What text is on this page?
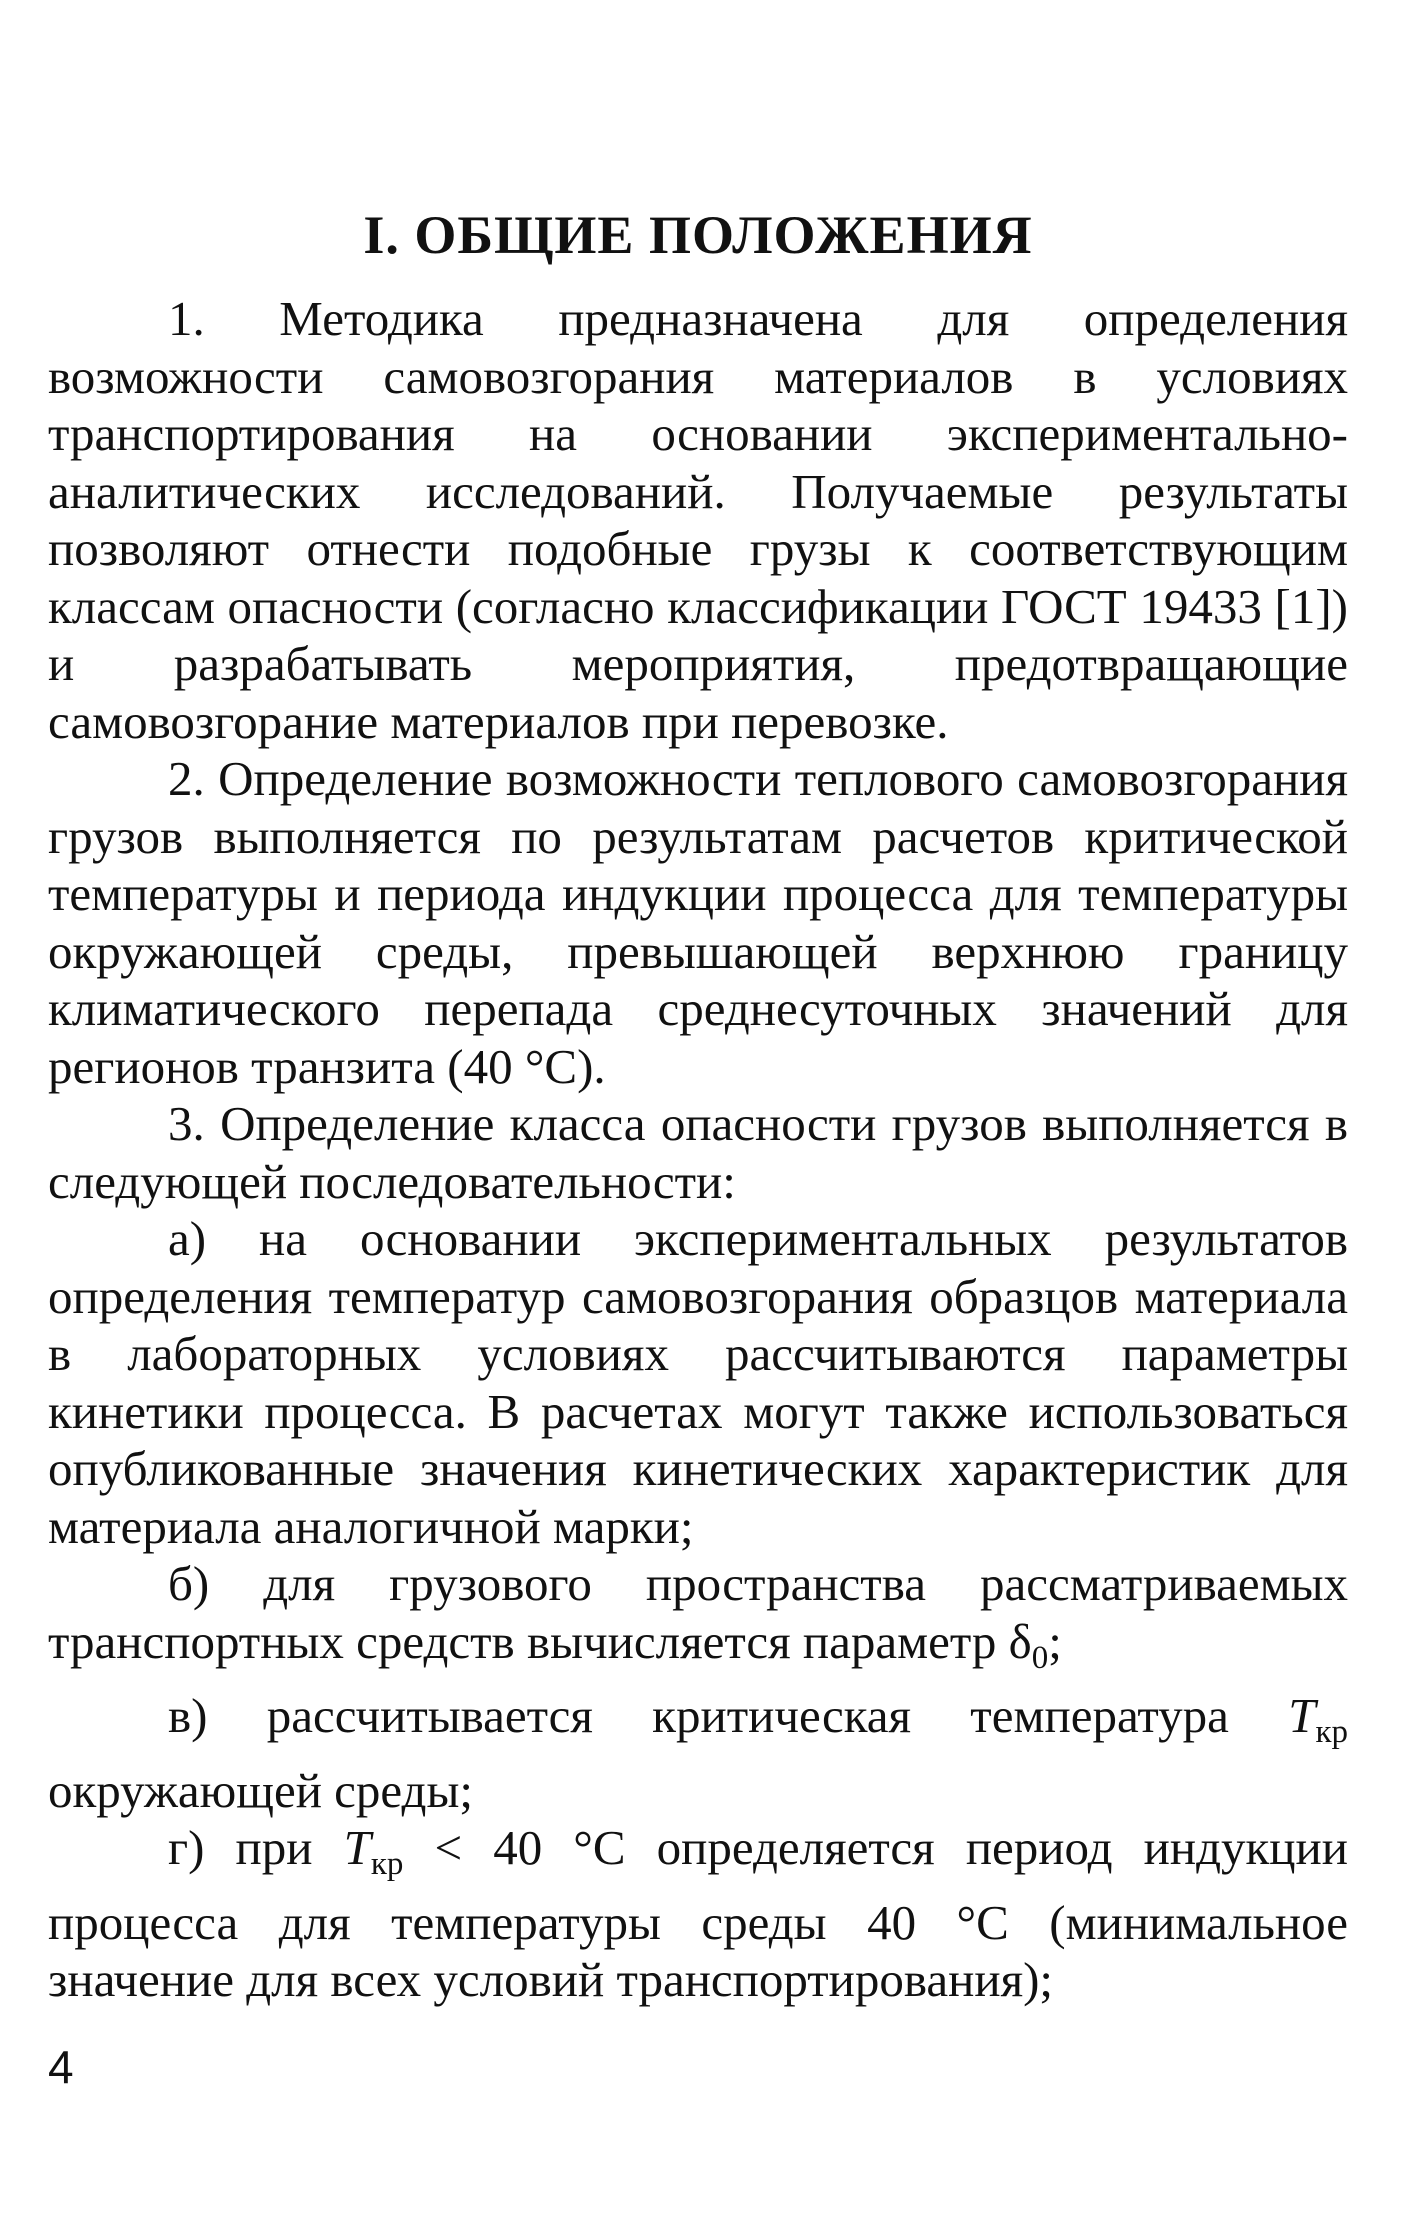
I. ОБЩИЕ ПОЛОЖЕНИЯ

1. Методика предназначена для определения возможности самовозгорания материалов в условиях транспортирования на основании экспериментально-аналитических исследований. Получаемые результаты позволяют отнести подобные грузы к соответствующим классам опасности (согласно классификации ГОСТ 19433 [1]) и разрабатывать мероприятия, предотвращающие самовозгорание материалов при перевозке.

2. Определение возможности теплового самовозгорания грузов выполняется по результатам расчетов критической температуры и периода индукции процесса для температуры окружающей среды, превышающей верхнюю границу климатического перепада среднесуточных значений для регионов транзита (40 °С).

3. Определение класса опасности грузов выполняется в следующей последовательности:

а) на основании экспериментальных результатов определения температур самовозгорания образцов материала в лабораторных условиях рассчитываются параметры кинетики процесса. В расчетах могут также использоваться опубликованные значения кинетических характеристик для материала аналогичной марки;

б) для грузового пространства рассматриваемых транспортных средств вычисляется параметр $\delta_0$;

в) рассчитывается критическая температура $T_{кр}$ окружающей среды;

г) при $T_{кр} < 40$ °С определяется период индукции процесса для температуры среды 40 °С (минимальное значение для всех условий транспортирования);

4
